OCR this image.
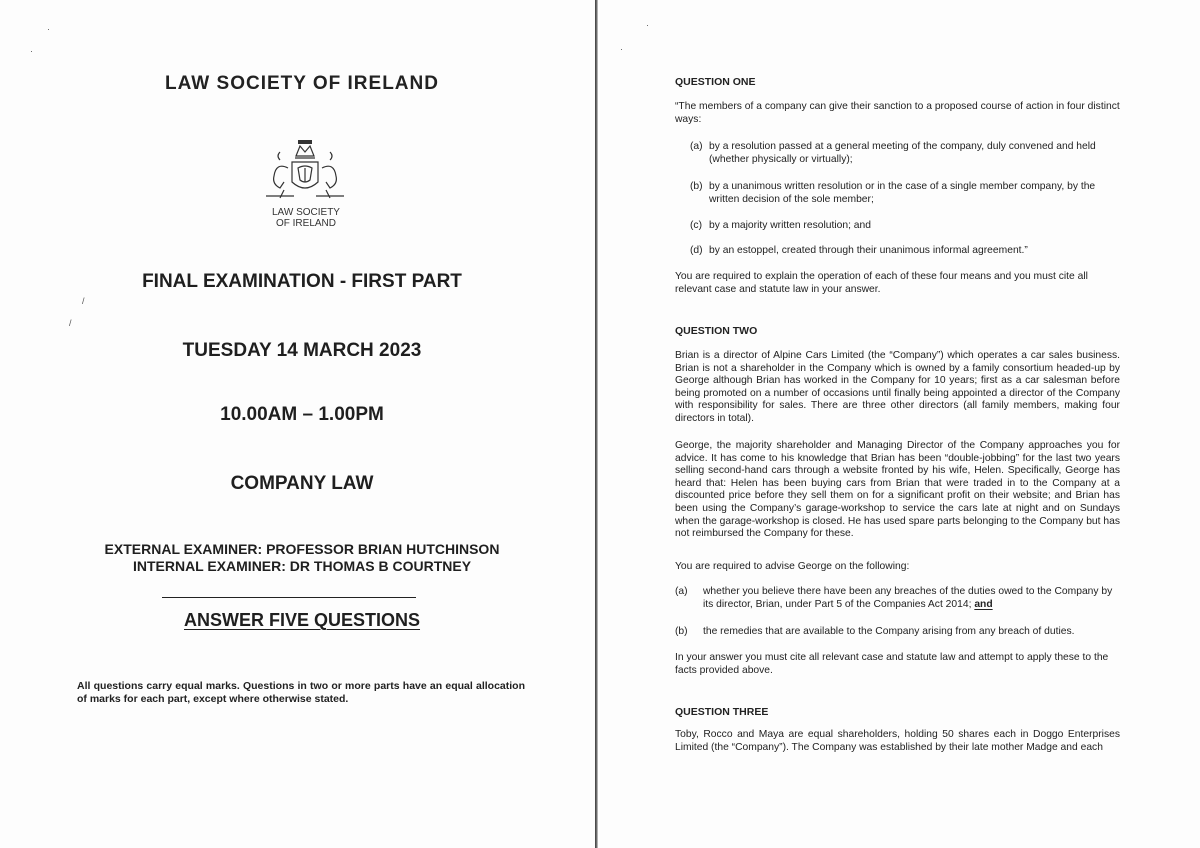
·
·
/
/
LAW SOCIETY OF IRELAND
LAW SOCIETY
OF IRELAND
FINAL EXAMINATION - FIRST PART
TUESDAY 14 MARCH 2023
10.00AM – 1.00PM
COMPANY LAW
EXTERNAL EXAMINER: PROFESSOR BRIAN HUTCHINSON
INTERNAL EXAMINER: DR THOMAS B COURTNEY
ANSWER FIVE QUESTIONS
All questions carry equal marks. Questions in two or more parts have an equal allocation of marks for each part, except where otherwise stated.
·
·
QUESTION ONE
“The members of a company can give their sanction to a proposed course of action in four distinct ways:
(a) by a resolution passed at a general meeting of the company, duly convened and held (whether physically or virtually);
(b) by a unanimous written resolution or in the case of a single member company, by the written decision of the sole member;
(c) by a majority written resolution; and
(d) by an estoppel, created through their unanimous informal agreement.”
You are required to explain the operation of each of these four means and you must cite all relevant case and statute law in your answer.
QUESTION TWO
Brian is a director of Alpine Cars Limited (the “Company”) which operates a car sales business. Brian is not a shareholder in the Company which is owned by a family consortium headed-up by George although Brian has worked in the Company for 10 years; first as a car salesman before being promoted on a number of occasions until finally being appointed a director of the Company with responsibility for sales. There are three other directors (all family members, making four directors in total).
George, the majority shareholder and Managing Director of the Company approaches you for advice. It has come to his knowledge that Brian has been “double-jobbing” for the last two years selling second-hand cars through a website fronted by his wife, Helen. Specifically, George has heard that: Helen has been buying cars from Brian that were traded in to the Company at a discounted price before they sell them on for a significant profit on their website; and Brian has been using the Company’s garage-workshop to service the cars late at night and on Sundays when the garage-workshop is closed. He has used spare parts belonging to the Company but has not reimbursed the Company for these.
You are required to advise George on the following:
(a) whether you believe there have been any breaches of the duties owed to the Company by its director, Brian, under Part 5 of the Companies Act 2014; and
(b) the remedies that are available to the Company arising from any breach of duties.
In your answer you must cite all relevant case and statute law and attempt to apply these to the facts provided above.
QUESTION THREE
Toby, Rocco and Maya are equal shareholders, holding 50 shares each in Doggo Enterprises Limited (the “Company”). The Company was established by their late mother Madge and each
